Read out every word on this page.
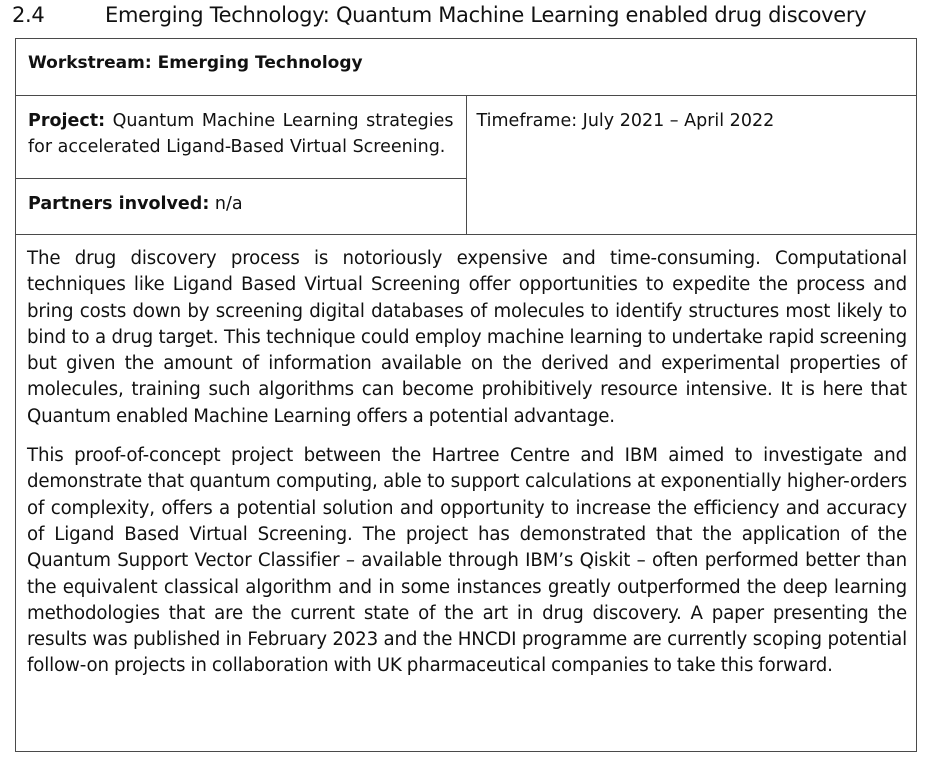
2.4	Emerging Technology: Quantum Machine Learning enabled drug discovery
Workstream: Emerging Technology

Project: Quantum Machine Learning strategies for accelerated Ligand-Based Virtual Screening.

Timeframe: July 2021 – April 2022

Partners involved: n/a

The drug discovery process is notoriously expensive and time-consuming. Computational techniques like Ligand Based Virtual Screening offer opportunities to expedite the process and bring costs down by screening digital databases of molecules to identify structures most likely to bind to a drug target. This technique could employ machine learning to undertake rapid screening but given the amount of information available on the derived and experimental properties of molecules, training such algorithms can become prohibitively resource intensive. It is here that Quantum enabled Machine Learning offers a potential advantage.

This proof-of-concept project between the Hartree Centre and IBM aimed to investigate and demonstrate that quantum computing, able to support calculations at exponentially higher-orders of complexity, offers a potential solution and opportunity to increase the efficiency and accuracy of Ligand Based Virtual Screening. The project has demonstrated that the application of the Quantum Support Vector Classifier – available through IBM’s Qiskit – often performed better than the equivalent classical algorithm and in some instances greatly outperformed the deep learning methodologies that are the current state of the art in drug discovery. A paper presenting the results was published in February 2023 and the HNCDI programme are currently scoping potential follow-on projects in collaboration with UK pharmaceutical companies to take this forward.
